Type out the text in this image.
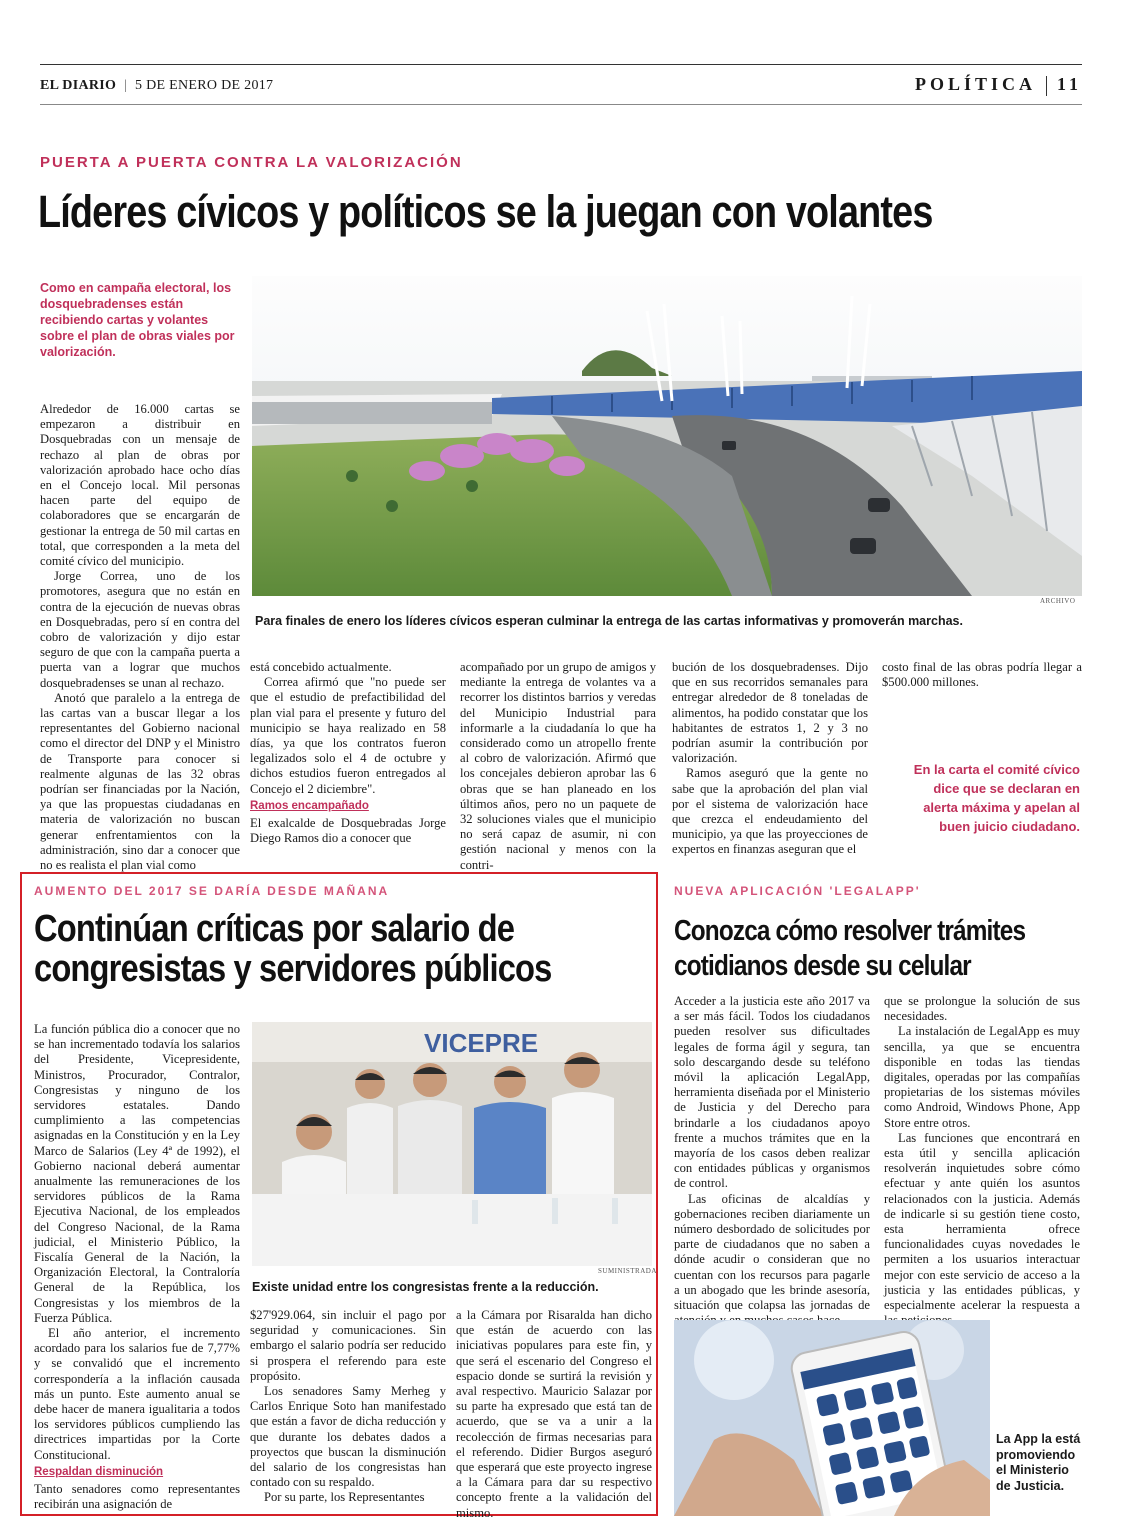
EL DIARIO | 5 DE ENERO DE 2017	POLÍTICA 11
PUERTA A PUERTA CONTRA LA VALORIZACIÓN
Líderes cívicos y políticos se la juegan con volantes
Como en campaña electoral, los dosquebradenses están recibiendo cartas y volantes sobre el plan de obras viales por valorización.
ARCHIVO
Para finales de enero los líderes cívicos esperan culminar la entrega de las cartas informativas y promoverán marchas.

Alrededor de 16.000 cartas se empezaron a distribuir en Dosquebradas con un mensaje de rechazo al plan de obras por valorización aprobado hace ocho días en el Concejo local. Mil personas hacen parte del equipo de colaboradores que se encargarán de gestionar la entrega de 50 mil cartas en total, que corresponden a la meta del comité cívico del municipio.

Jorge Correa, uno de los promotores, asegura que no están en contra de la ejecución de nuevas obras en Dosquebradas, pero sí en contra del cobro de valorización y dijo estar seguro de que con la campaña puerta a puerta van a lograr que muchos dosquebradenses se unan al rechazo.

Anotó que paralelo a la entrega de las cartas van a buscar llegar a los representantes del Gobierno nacional como el director del DNP y el Ministro de Transporte para conocer si realmente algunas de las 32 obras podrían ser financiadas por la Nación, ya que las propuestas ciudadanas en materia de valorización no buscan generar enfrentamientos con la administración, sino dar a conocer que no es realista el plan vial como

está concebido actualmente.

Correa afirmó que "no puede ser que el estudio de prefactibilidad del plan vial para el presente y futuro del municipio se haya realizado en 58 días, ya que los contratos fueron legalizados solo el 4 de octubre y dichos estudios fueron entregados al Concejo el 2 diciembre".

Ramos encampañado

El exalcalde de Dosquebradas Jorge Diego Ramos dio a conocer que

acompañado por un grupo de amigos y mediante la entrega de volantes va a recorrer los distintos barrios y veredas del Municipio Industrial para informarle a la ciudadanía lo que ha considerado como un atropello frente al cobro de valorización. Afirmó que los concejales debieron aprobar las 6 obras que se han planeado en los últimos años, pero no un paquete de 32 soluciones viales que el municipio no será capaz de asumir, ni con gestión nacional y menos con la contri-

bución de los dosquebradenses. Dijo que en sus recorridos semanales para entregar alrededor de 8 toneladas de alimentos, ha podido constatar que los habitantes de estratos 1, 2 y 3 no podrían asumir la contribución por valorización.

Ramos aseguró que la gente no sabe que la aprobación del plan vial por el sistema de valorización hace que crezca el endeudamiento del municipio, ya que las proyecciones de expertos en finanzas aseguran que el

costo final de las obras podría llegar a $500.000 millones.

En la carta el comité cívico dice que se declaran en alerta máxima y apelan al buen juicio ciudadano.
AUMENTO DEL 2017 SE DARÍA DESDE MAÑANA
Continúan críticas por salario de
congresistas y servidores públicos
VICEPRE
SUMINISTRADA
Existe unidad entre los congresistas frente a la reducción.

La función pública dio a conocer que no se han incrementado todavía los salarios del Presidente, Vicepresidente, Ministros, Procurador, Contralor, Congresistas y ninguno de los servidores estatales. Dando cumplimiento a las competencias asignadas en la Constitución y en la Ley Marco de Salarios (Ley 4ª de 1992), el Gobierno nacional deberá aumentar anualmente las remuneraciones de los servidores públicos de la Rama Ejecutiva Nacional, de los empleados del Congreso Nacional, de la Rama judicial, el Ministerio Público, la Fiscalía General de la Nación, la Organización Electoral, la Contraloría General de la República, los Congresistas y los miembros de la Fuerza Pública.

El año anterior, el incremento acordado para los salarios fue de 7,77% y se convalidó que el incremento correspondería a la inflación causada más un punto. Este aumento anual se debe hacer de manera igualitaria a todos los servidores públicos cumpliendo las directrices impartidas por la Corte Constitucional.

Respaldan disminución

Tanto senadores como representantes recibirán una asignación de

$27'929.064, sin incluir el pago por seguridad y comunicaciones. Sin embargo el salario podría ser reducido si prospera el referendo para este propósito.

Los senadores Samy Merheg y Carlos Enrique Soto han manifestado que están a favor de dicha reducción y que durante los debates dados a proyectos que buscan la disminución del salario de los congresistas han contado con su respaldo.

Por su parte, los Representantes

a la Cámara por Risaralda han dicho que están de acuerdo con las iniciativas populares para este fin, y que será el escenario del Congreso el espacio donde se surtirá la revisión y aval respectivo. Mauricio Salazar por su parte ha expresado que está tan de acuerdo, que se va a unir a la recolección de firmas necesarias para el referendo. Didier Burgos aseguró que esperará que este proyecto ingrese a la Cámara para dar su respectivo concepto frente a la validación del mismo.

NUEVA APLICACIÓN 'LEGALAPP'
Conozca cómo resolver trámites
cotidianos desde su celular

Acceder a la justicia este año 2017 va a ser más fácil. Todos los ciudadanos pueden resolver sus dificultades legales de forma ágil y segura, tan solo descargando desde su teléfono móvil la aplicación LegalApp, herramienta diseñada por el Ministerio de Justicia y del Derecho para brindarle a los ciudadanos apoyo frente a muchos trámites que en la mayoría de los casos deben realizar con entidades públicas y organismos de control.

Las oficinas de alcaldías y gobernaciones reciben diariamente un número desbordado de solicitudes por parte de ciudadanos que no saben a dónde acudir o consideran que no cuentan con los recursos para pagarle a un abogado que les brinde asesoría, situación que colapsa las jornadas de

que se prolongue la solución de sus necesidades.

La instalación de LegalApp es muy sencilla, ya que se encuentra disponible en todas las tiendas digitales, operadas por las compañías propietarias de los sistemas móviles como Android, Windows Phone, App Store entre otros.

Las funciones que encontrará en esta útil y sencilla aplicación resolverán inquietudes sobre cómo efectuar y ante quién los asuntos relacionados con la justicia. Además de indicarle si su gestión tiene costo, esta herramienta ofrece funcionalidades cuyas novedades le permiten a los usuarios interactuar mejor con este servicio de acceso a la justicia y las entidades públicas, y especialmente acelerar la respuesta a

La App la está promoviendo el Ministerio de Justicia.
